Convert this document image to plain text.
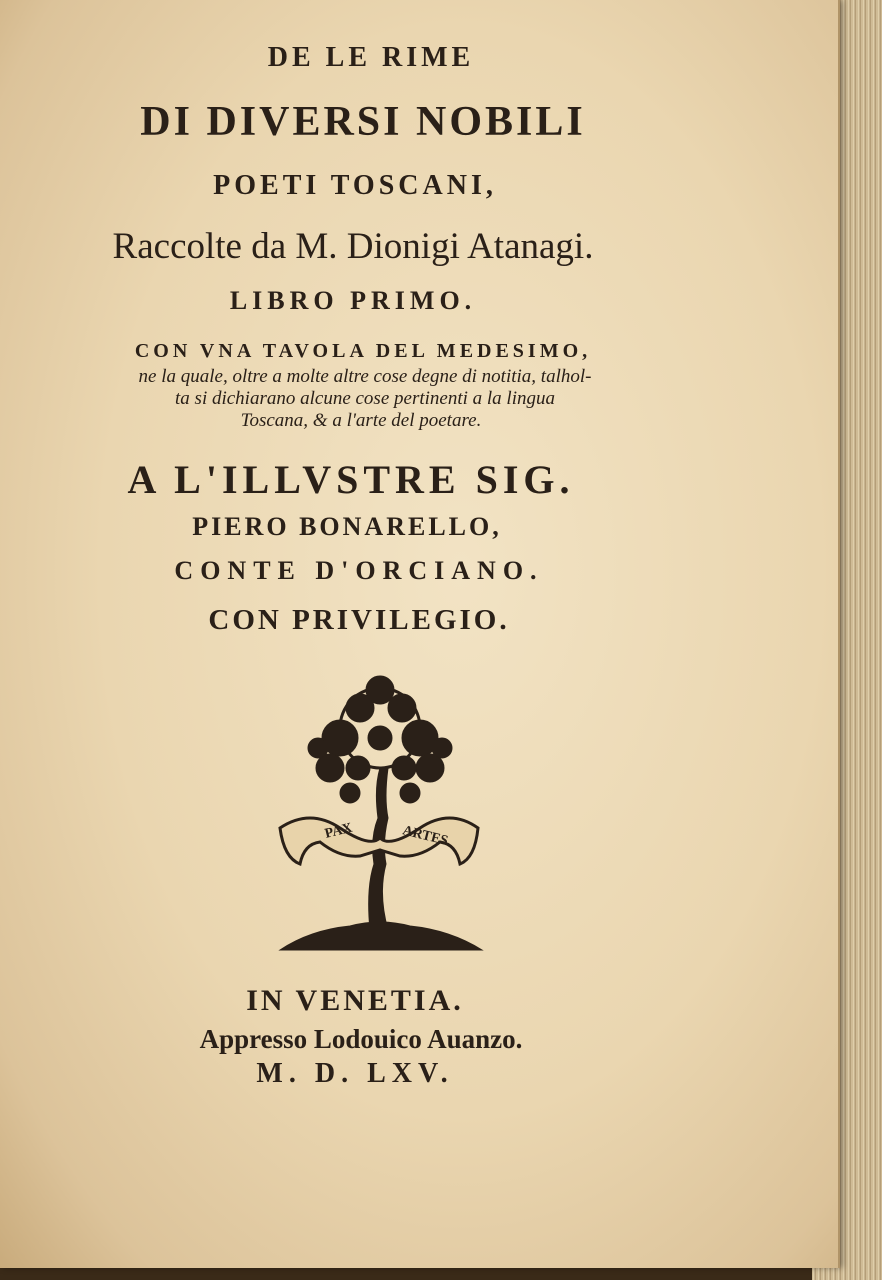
DE LE RIME
DI DIVERSI NOBILI
POETI TOSCANI,
Raccolte da M. Dionigi Atanagi.
LIBRO PRIMO.
CON VNA TAVOLA DEL MEDESIMO,
ne la quale, oltre a molte altre cose degne di notitia, talhol-
ta si dichiarano alcune cose pertinenti a la lingua
Toscana, & a l'arte del poetare.
A L'ILLVSTRE SIG.
PIERO BONARELLO,
CONTE D'ORCIANO.
CON PRIVILEGIO.
PAX	ARTES
IN VENETIA.
Appresso Lodouico Auanzo.
M. D. LXV.
